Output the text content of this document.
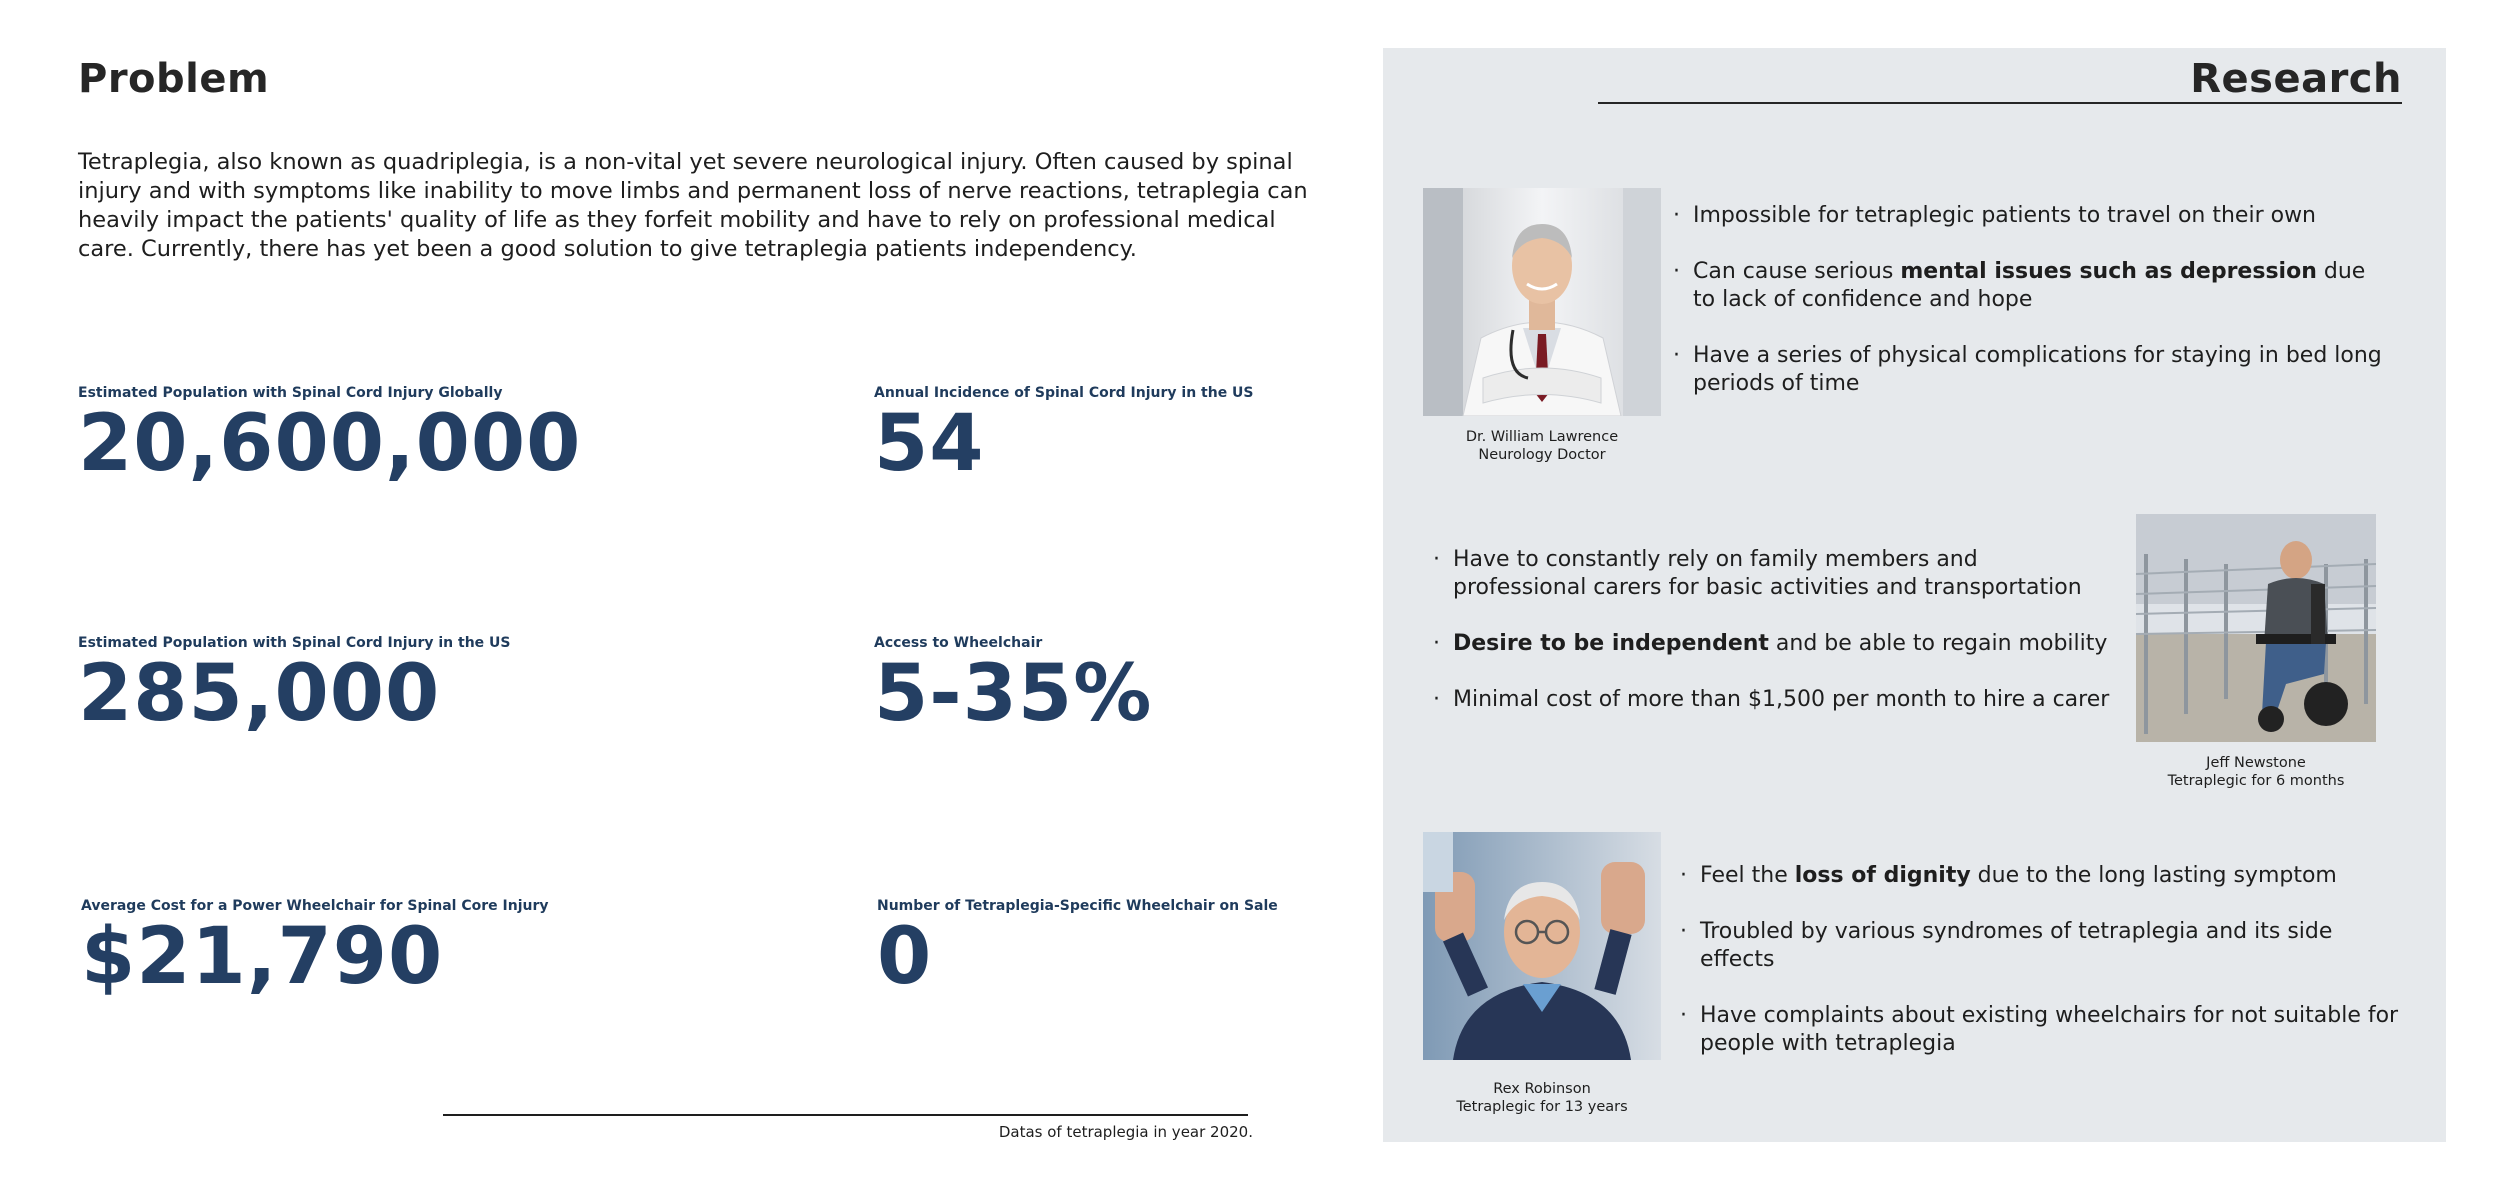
Problem
Tetraplegia, also known as quadriplegia, is a non-vital yet severe neurological injury. Often caused by spinal injury and with symptoms like inability to move limbs and permanent loss of nerve reactions, tetraplegia can heavily impact the patients' quality of life as they forfeit mobility and have to rely on professional medical care. Currently, there has yet been a good solution to give tetraplegia patients independency.
Estimated Population with Spinal Cord Injury Globally
20,600,000
Annual Incidence of Spinal Cord Injury in the US
54
Estimated Population with Spinal Cord Injury in the US
285,000
Access to Wheelchair
5-35%
Average Cost for a Power Wheelchair for Spinal Core Injury
$21,790
Number of Tetraplegia-Specific Wheelchair on Sale
0
Datas of tetraplegia in year 2020.
Research
Dr. William Lawrence
Neurology Doctor
· Impossible for tetraplegic patients to travel on their own
· Can cause serious mental issues such as depression due to lack of confidence and hope
· Have a series of physical complications for staying in bed long periods of time
· Have to constantly rely on family members and professional carers for basic activities and transportation
· Desire to be independent and be able to regain mobility
· Minimal cost of more than $1,500 per month to hire a carer
Jeff Newstone
Tetraplegic for 6 months
Rex Robinson
Tetraplegic for 13 years
· Feel the loss of dignity due to the long lasting symptom
· Troubled by various syndromes of tetraplegia and its side effects
· Have complaints about existing wheelchairs for not suitable for people with tetraplegia
